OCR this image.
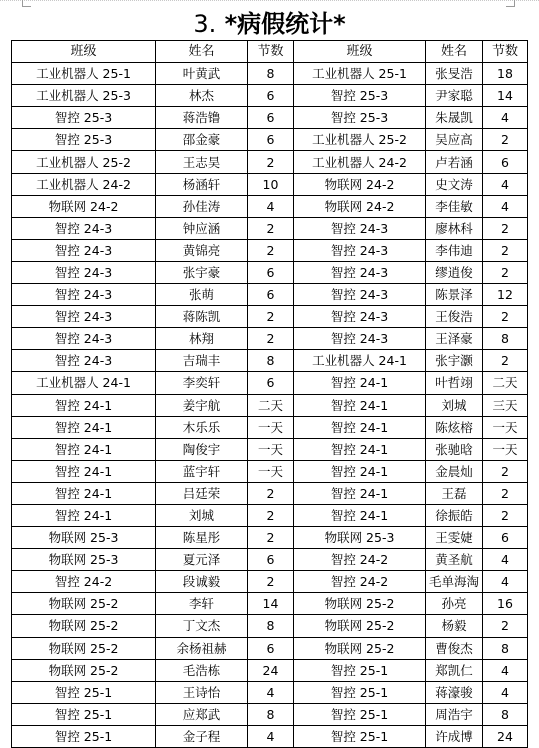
3. *病假统计*
班级	姓名	节数	班级	姓名	节数
工业机器人 25-1	叶黄武	8	工业机器人 25-1	张旻浩	18
工业机器人 25-3	林杰	6	智控 25-3	尹家聪	14
智控 25-3	蒋浩镥	6	智控 25-3	朱晟凯	4
智控 25-3	邵金豪	6	工业机器人 25-2	吴应高	2
工业机器人 25-2	王志昊	2	工业机器人 24-2	卢若涵	6
工业机器人 24-2	杨涵轩	10	物联网 24-2	史文涛	4
物联网 24-2	孙佳涛	4	物联网 24-2	李佳敏	4
智控 24-3	钟应涵	2	智控 24-3	廖林科	2
智控 24-3	黄锦亮	2	智控 24-3	李伟迪	2
智控 24-3	张宇豪	6	智控 24-3	缪逍俊	2
智控 24-3	张萌	6	智控 24-3	陈景泽	12
智控 24-3	蒋陈凯	2	智控 24-3	王俊浩	2
智控 24-3	林翔	2	智控 24-3	王泽豪	8
智控 24-3	吉瑞丰	8	工业机器人 24-1	张宇灏	2
工业机器人 24-1	李奕轩	6	智控 24-1	叶哲翊	二天
智控 24-1	姜宇航	二天	智控 24-1	刘城	三天
智控 24-1	木乐乐	一天	智控 24-1	陈炫榕	一天
智控 24-1	陶俊宇	一天	智控 24-1	张驰晗	一天
智控 24-1	蓝宇轩	一天	智控 24-1	金晨灿	2
智控 24-1	吕廷荣	2	智控 24-1	王磊	2
智控 24-1	刘城	2	智控 24-1	徐振皓	2
物联网 25-3	陈星彤	2	物联网 25-3	王雯婕	6
物联网 25-3	夏元泽	6	智控 24-2	黄圣航	4
智控 24-2	段诚毅	2	智控 24-2	毛单海淘	4
物联网 25-2	李轩	14	物联网 25-2	孙亮	16
物联网 25-2	丁文杰	8	物联网 25-2	杨毅	2
物联网 25-2	余杨祖赫	6	物联网 25-2	曹俊杰	8
物联网 25-2	毛浩栋	24	智控 25-1	郑凯仁	4
智控 25-1	王诗怡	4	智控 25-1	蒋濠骏	4
智控 25-1	应郑武	8	智控 25-1	周浩宇	8
智控 25-1	金子程	4	智控 25-1	许成博	24
